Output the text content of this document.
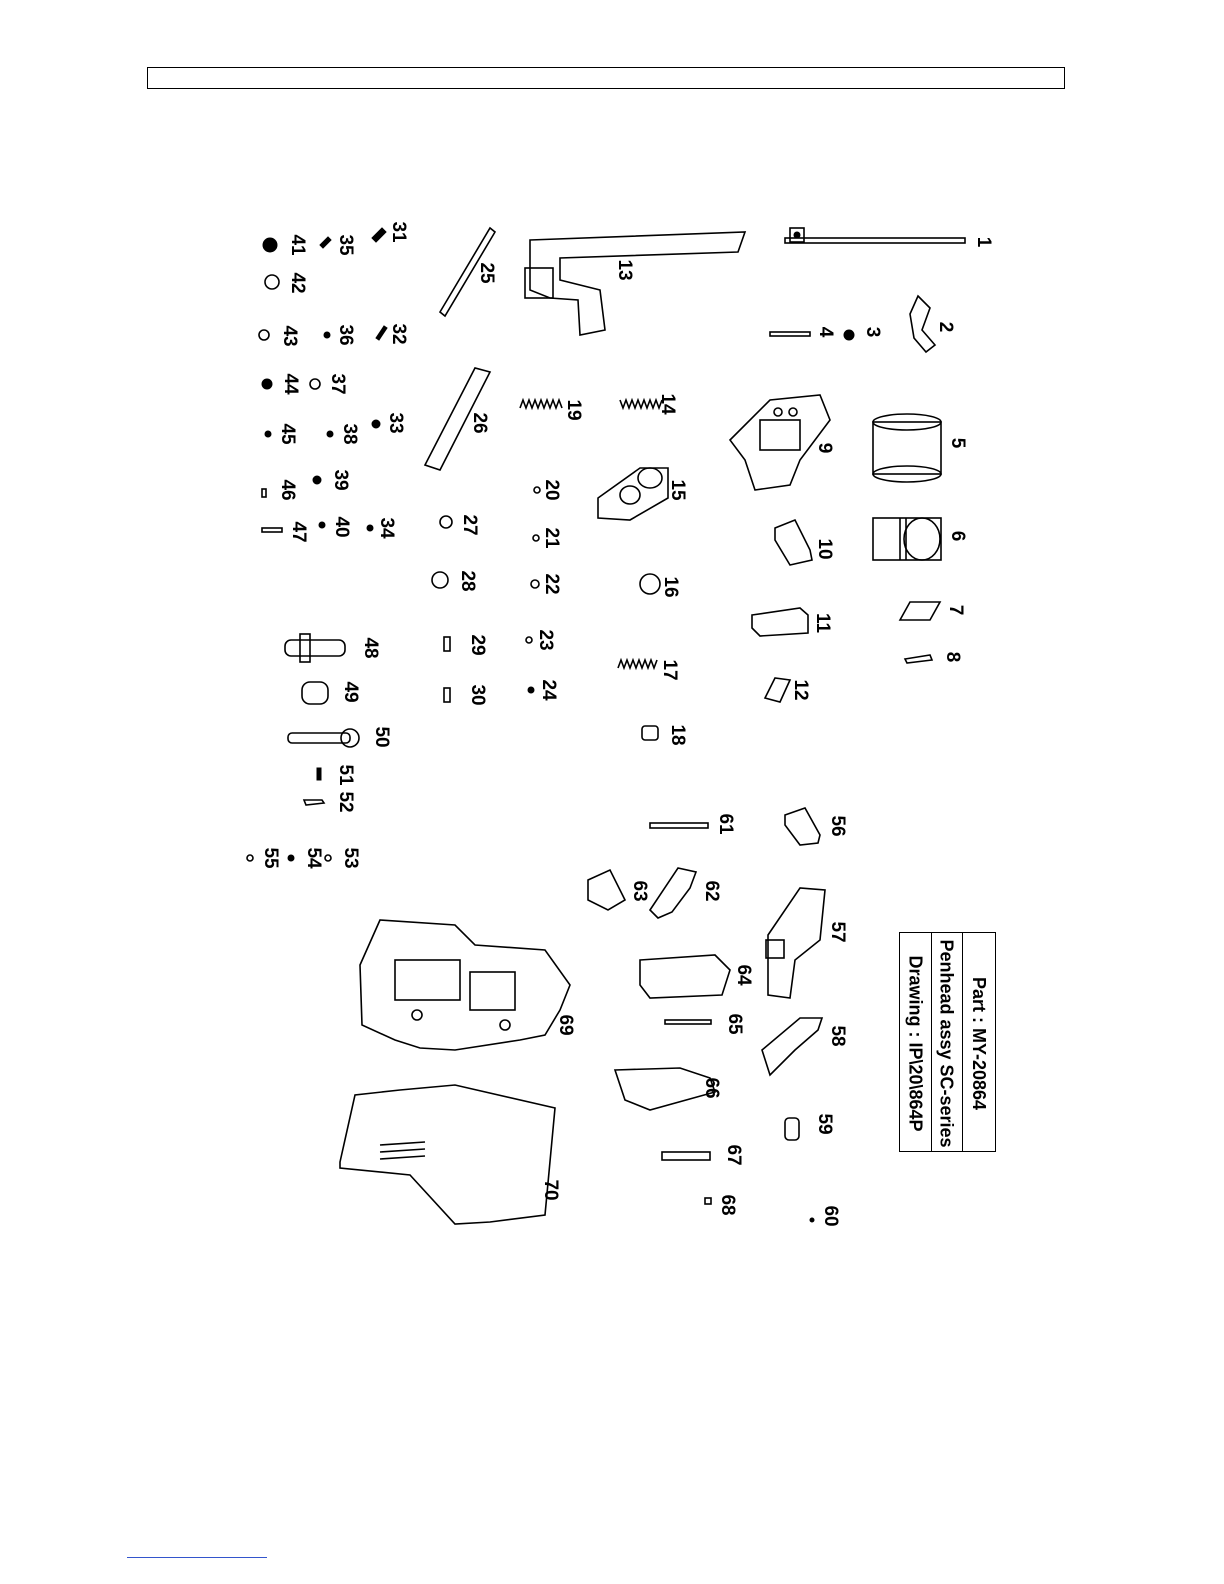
1
2
3
4
5
6
7
8
9
10
11
12
13
14
15
16
17
18
19
20
21
22
23
24
25
26
27
28
29
30
31
32
33
34
35
36
37
38
39
40
41
42
43
44
45
46
47
48
49
50
51
52
53
54
55
56
57
58
59
60
61
62
63
64
65
66
67
68
69
70
Part : MY-20864
Penhead assy SC-series
Drawing : IP\20\864P
